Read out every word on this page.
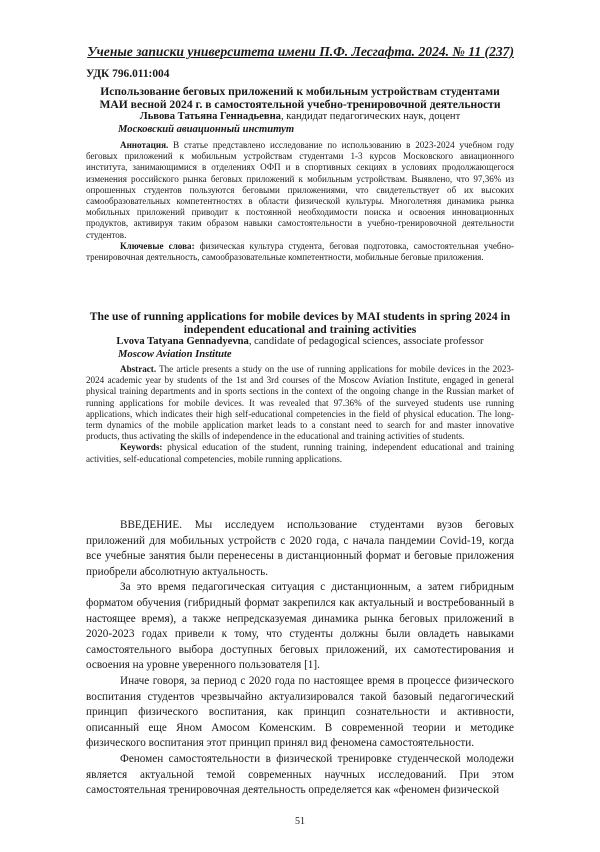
Ученые записки университета имени П.Ф. Лесгафта. 2024. № 11 (237)
УДК 796.011:004

Использование беговых приложений к мобильным устройствам студентами МАИ весной 2024 г. в самостоятельной учебно-тренировочной деятельности

Львова Татьяна Геннадьевна, кандидат педагогических наук, доцент

Московский авиационный институт

Аннотация. В статье представлено исследование по использованию в 2023-2024 учебном году беговых приложений к мобильным устройствам студентами 1-3 курсов Московского авиационного института, занимающимися в отделениях ОФП и в спортивных секциях в условиях продолжающегося изменения российского рынка беговых приложений к мобильным устройствам. Выявлено, что 97,36% из опрошенных студентов пользуются беговыми приложениями, что свидетельствует об их высоких самообразовательных компетентностях в области физической культуры. Многолетняя динамика рынка мобильных приложений приводит к постоянной необходимости поиска и освоения инновационных продуктов, активируя таким образом навыки самостоятельности в учебно-тренировочной деятельности студентов.

Ключевые слова: физическая культура студента, беговая подготовка, самостоятельная учебно-тренировочная деятельность, самообразовательные компетентности, мобильные беговые приложения.

The use of running applications for mobile devices by MAI students in spring 2024 in independent educational and training activities

Lvova Tatyana Gennadyevna, candidate of pedagogical sciences, associate professor

Moscow Aviation Institute

Abstract. The article presents a study on the use of running applications for mobile devices in the 2023-2024 academic year by students of the 1st and 3rd courses of the Moscow Aviation Institute, engaged in general physical training departments and in sports sections in the context of the ongoing change in the Russian market of running applications for mobile devices. It was revealed that 97.36% of the surveyed students use running applications, which indicates their high self-educational competencies in the field of physical education. The long-term dynamics of the mobile application market leads to a constant need to search for and master innovative products, thus activating the skills of independence in the educational and training activities of students.

Keywords: physical education of the student, running training, independent educational and training activities, self-educational competencies, mobile running applications.

ВВЕДЕНИЕ. Мы исследуем использование студентами вузов беговых приложений для мобильных устройств с 2020 года, с начала пандемии Covid-19, когда все учебные занятия были перенесены в дистанционный формат и беговые приложения приобрели абсолютную актуальность.

За это время педагогическая ситуация с дистанционным, а затем гибридным форматом обучения (гибридный формат закрепился как актуальный и востребованный в настоящее время), а также непредсказуемая динамика рынка беговых приложений в 2020-2023 годах привели к тому, что студенты должны были овладеть навыками самостоятельного выбора доступных беговых приложений, их самотестирования и освоения на уровне уверенного пользователя [1].

Иначе говоря, за период с 2020 года по настоящее время в процессе физического воспитания студентов чрезвычайно актуализировался такой базовый педагогический принцип физического воспитания, как принцип сознательности и активности, описанный еще Яном Амосом Коменским. В современной теории и методике физического воспитания этот принцип принял вид феномена самостоятельности.

Феномен самостоятельности в физической тренировке студенческой молодежи является актуальной темой современных научных исследований. При этом самостоятельная тренировочная деятельность определяется как «феномен физической

51
